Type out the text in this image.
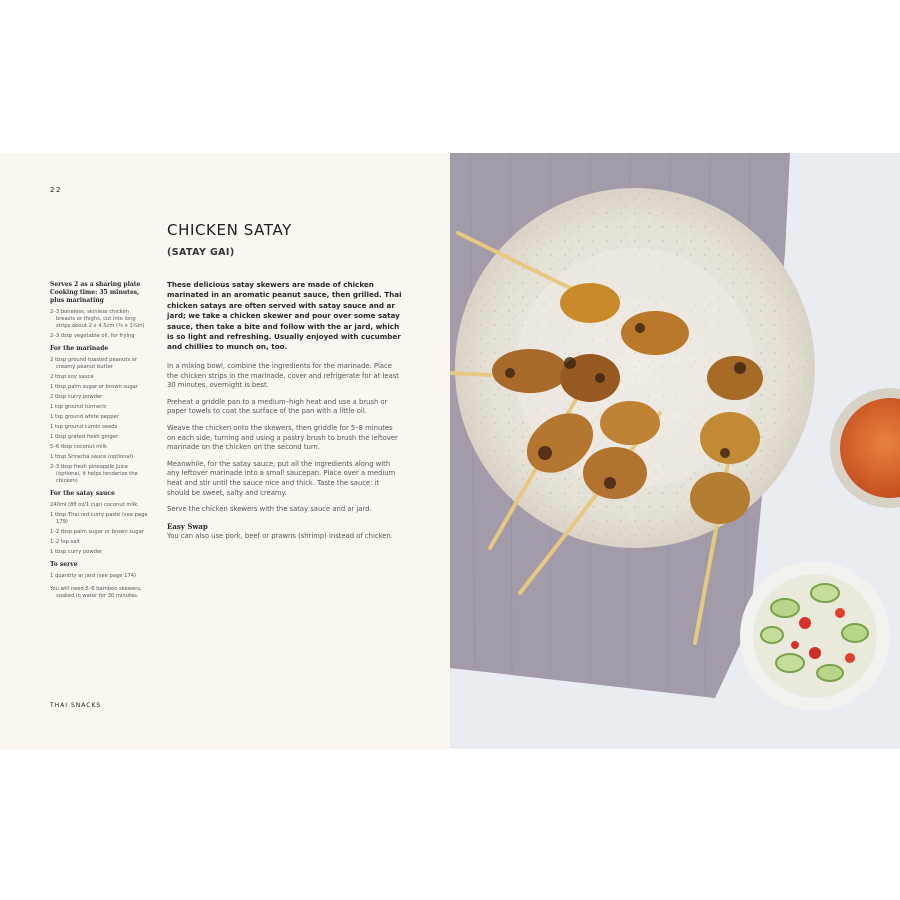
22
CHICKEN SATAY
(SATAY GAI)
Serves 2 as a sharing plate
Cooking time: 35 minutes, plus marinating
2–3 boneless, skinless chicken breasts or thighs, cut into long strips about 2 x 4.5cm (¾ x 1¾in)
2–3 tbsp vegetable oil, for frying
For the marinade
2 tbsp ground toasted peanuts or creamy peanut butter
2 tbsp soy sauce
1 tbsp palm sugar or brown sugar
2 tbsp curry powder
1 tsp ground turmeric
1 tsp ground white pepper
1 tsp ground cumin seeds
1 tbsp grated fresh ginger
5–6 tbsp coconut milk
1 tbsp Sriracha sauce (optional)
2–3 tbsp fresh pineapple juice (optional, it helps tenderize the chicken)
For the satay sauce
240ml (8fl oz/1 cup) coconut milk
1 tbsp Thai red curry paste (see page 179)
1–2 tbsp palm sugar or brown sugar
1–2 tsp salt
1 tbsp curry powder
To serve
1 quantity ar jard (see page 174)
You will need 5–6 bamboo skewers, soaked in water for 30 minutes.

These delicious satay skewers are made of chicken marinated in an aromatic peanut sauce, then grilled. Thai chicken satays are often served with satay sauce and ar jard; we take a chicken skewer and pour over some satay sauce, then take a bite and follow with the ar jard, which is so light and refreshing. Usually enjoyed with cucumber and chillies to munch on, too.

In a mixing bowl, combine the ingredients for the marinade. Place the chicken strips in the marinade, cover and refrigerate for at least 30 minutes, overnight is best.

Preheat a griddle pan to a medium–high heat and use a brush or paper towels to coat the surface of the pan with a little oil.

Weave the chicken onto the skewers, then griddle for 5–8 minutes on each side, turning and using a pastry brush to brush the leftover marinade on the chicken on the second turn.

Meanwhile, for the satay sauce, put all the ingredients along with any leftover marinade into a small saucepan. Place over a medium heat and stir until the sauce nice and thick. Taste the sauce: it should be sweet, salty and creamy.

Serve the chicken skewers with the satay sauce and ar jard.

Easy Swap

You can also use pork, beef or prawns (shrimp) instead of chicken.

THAI SNACKS
